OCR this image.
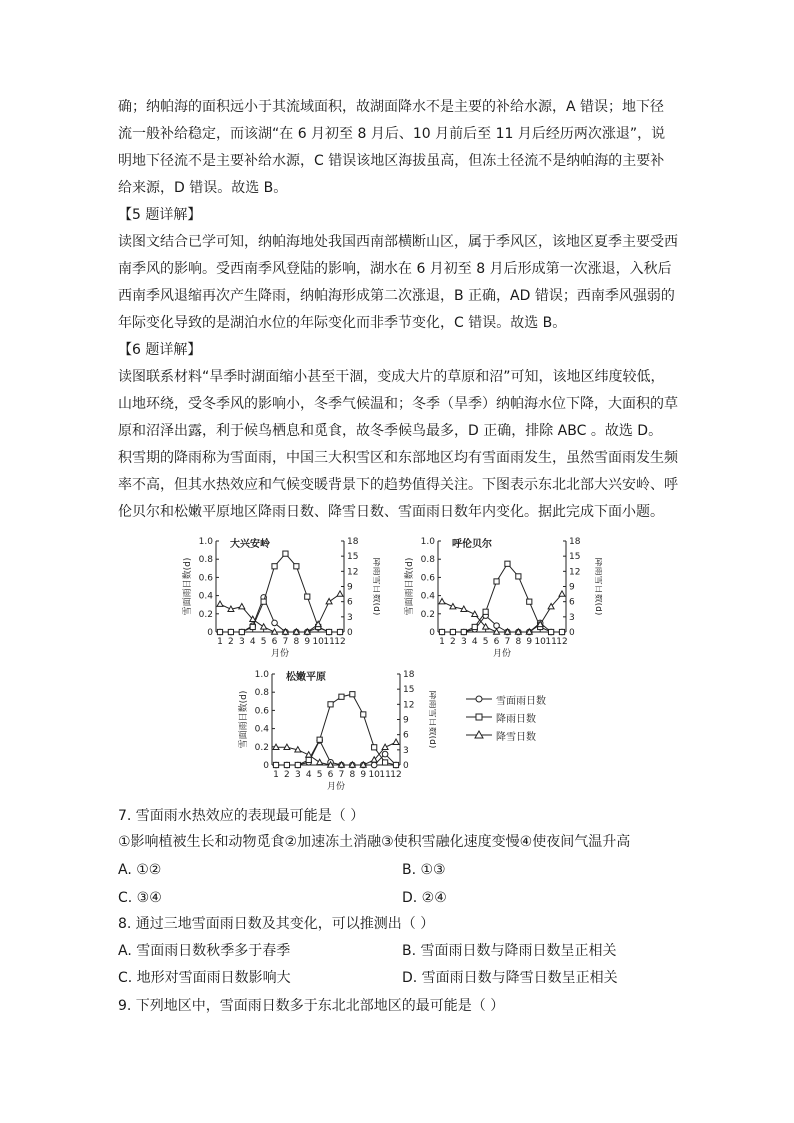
确；纳帕海的面积远小于其流域面积，故湖面降水不是主要的补给水源，A 错误；地下径流一般补给稳定，而该湖“在 6 月初至 8 月后、10 月前后至 11 月后经历两次涨退”，说明地下径流不是主要补给水源，C 错误该地区海拔虽高，但冻土径流不是纳帕海的主要补给来源，D 错误。故选 B。

【5 题详解】

读图文结合已学可知，纳帕海地处我国西南部横断山区，属于季风区，该地区夏季主要受西南季风的影响。受西南季风登陆的影响，湖水在 6 月初至 8 月后形成第一次涨退，入秋后西南季风退缩再次产生降雨，纳帕海形成第二次涨退，B 正确，AD 错误；西南季风强弱的年际变化导致的是湖泊水位的年际变化而非季节变化，C 错误。故选 B。

【6 题详解】

读图联系材料“旱季时湖面缩小甚至干涸，变成大片的草原和沼”可知，该地区纬度较低，山地环绕，受冬季风的影响小，冬季气候温和；冬季（旱季）纳帕海水位下降，大面积的草原和沼泽出露，利于候鸟栖息和觅食，故冬季候鸟最多，D 正确，排除 ABC 。故选 D。

积雪期的降雨称为雪面雨，中国三大积雪区和东部地区均有雪面雨发生，虽然雪面雨发生频率不高，但其水热效应和气候变暖背景下的趋势值得关注。下图表示东北北部大兴安岭、呼伦贝尔和松嫩平原地区降雨日数、降雪日数、雪面雨日数年内变化。据此完成下面小题。

0
0.2
0.4
0.6
0.8
1.0
0
3
6
9
12
15
18
1 2 3 4 5 6 7 8 9 10 11 12
月份
雪面雨日数(d)	降雨雪日数(d)
大兴安岭
0
0.2
0.4
0.6
0.8
1.0
0
3
6
9
12
15
18
1 2 3 4 5 6 7 8 9 10 11 12
月份
雪面雨日数(d)	降雨雪日数(d)
呼伦贝尔
0
0.2
0.4
0.6
0.8
1.0
0
3
6
9
12
15
18
1 2 3 4 5 6 7 8 9 10 11 12
月份
雪面雨日数(d)	降雨雪日数(d)
松嫩平原
雪面雨日数
降雨日数
降雪日数

7. 雪面雨水热效应的表现最可能是（ ）

①影响植被生长和动物觅食②加速冻土消融③使积雪融化速度变慢④使夜间气温升高

A. ①②	B. ①③
C. ③④	D. ②④

8. 通过三地雪面雨日数及其变化，可以推测出（ ）

A. 雪面雨日数秋季多于春季	B. 雪面雨日数与降雨日数呈正相关
C. 地形对雪面雨日数影响大	D. 雪面雨日数与降雪日数呈正相关

9. 下列地区中，雪面雨日数多于东北北部地区的最可能是（ ）
